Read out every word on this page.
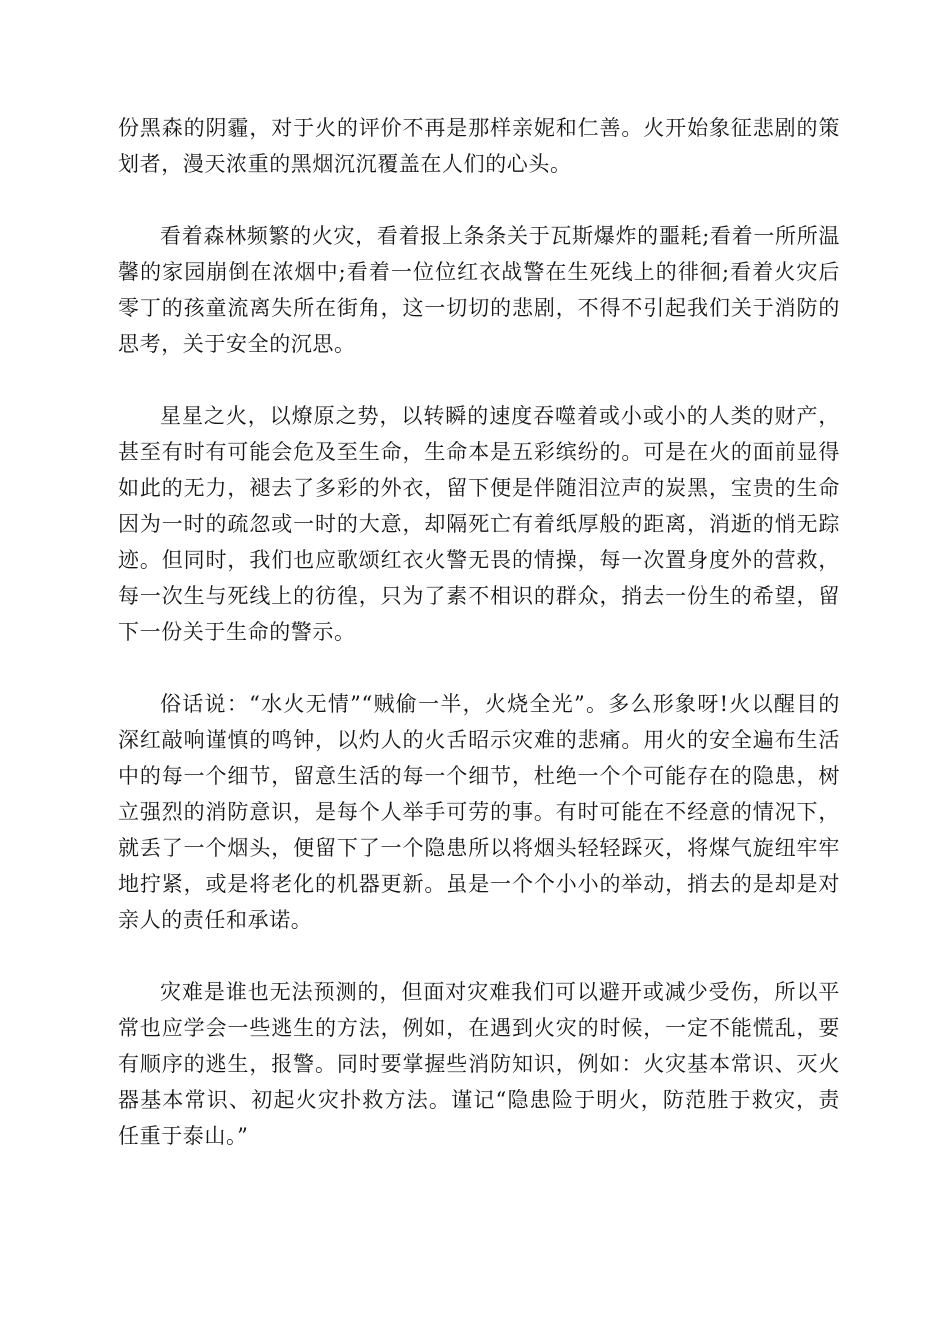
份黑森的阴霾，对于火的评价不再是那样亲妮和仁善。火开始象征悲剧的策划者，漫天浓重的黑烟沉沉覆盖在人们的心头。

看着森林频繁的火灾，看着报上条条关于瓦斯爆炸的噩耗;看着一所所温馨的家园崩倒在浓烟中;看着一位位红衣战警在生死线上的徘徊;看着火灾后零丁的孩童流离失所在街角，这一切切的悲剧，不得不引起我们关于消防的思考，关于安全的沉思。

星星之火，以燎原之势，以转瞬的速度吞噬着或小或小的人类的财产，甚至有时有可能会危及至生命，生命本是五彩缤纷的。可是在火的面前显得如此的无力，褪去了多彩的外衣，留下便是伴随泪泣声的炭黑，宝贵的生命因为一时的疏忽或一时的大意，却隔死亡有着纸厚般的距离，消逝的悄无踪迹。但同时，我们也应歌颂红衣火警无畏的情操，每一次置身度外的营救，每一次生与死线上的彷徨，只为了素不相识的群众，捎去一份生的希望，留下一份关于生命的警示。

俗话说：“水火无情”“贼偷一半，火烧全光”。多么形象呀!火以醒目的深红敲响谨慎的鸣钟，以灼人的火舌昭示灾难的悲痛。用火的安全遍布生活中的每一个细节，留意生活的每一个细节，杜绝一个个可能存在的隐患，树立强烈的消防意识，是每个人举手可劳的事。有时可能在不经意的情况下，就丢了一个烟头，便留下了一个隐患所以将烟头轻轻踩灭，将煤气旋纽牢牢地拧紧，或是将老化的机器更新。虽是一个个小小的举动，捎去的是却是对亲人的责任和承诺。

灾难是谁也无法预测的，但面对灾难我们可以避开或减少受伤，所以平常也应学会一些逃生的方法，例如，在遇到火灾的时候，一定不能慌乱，要有顺序的逃生，报警。同时要掌握些消防知识，例如：火灾基本常识、灭火器基本常识、初起火灾扑救方法。谨记“隐患险于明火，防范胜于救灾，责任重于泰山。”
